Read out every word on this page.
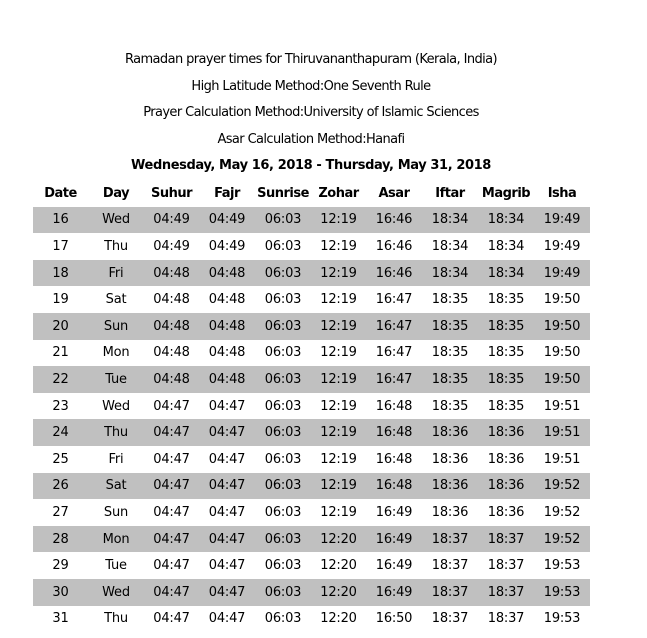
Ramadan prayer times for Thiruvananthapuram (Kerala, India)
High Latitude Method:One Seventh Rule
Prayer Calculation Method:University of Islamic Sciences
Asar Calculation Method:Hanafi
Wednesday, May 16, 2018 - Thursday, May 31, 2018
Date	Day	Suhur	Fajr	Sunrise	Zohar	Asar	Iftar	Magrib	Isha
16	Wed	04:49	04:49	06:03	12:19	16:46	18:34	18:34	19:49
17	Thu	04:49	04:49	06:03	12:19	16:46	18:34	18:34	19:49
18	Fri	04:48	04:48	06:03	12:19	16:46	18:34	18:34	19:49
19	Sat	04:48	04:48	06:03	12:19	16:47	18:35	18:35	19:50
20	Sun	04:48	04:48	06:03	12:19	16:47	18:35	18:35	19:50
21	Mon	04:48	04:48	06:03	12:19	16:47	18:35	18:35	19:50
22	Tue	04:48	04:48	06:03	12:19	16:47	18:35	18:35	19:50
23	Wed	04:47	04:47	06:03	12:19	16:48	18:35	18:35	19:51
24	Thu	04:47	04:47	06:03	12:19	16:48	18:36	18:36	19:51
25	Fri	04:47	04:47	06:03	12:19	16:48	18:36	18:36	19:51
26	Sat	04:47	04:47	06:03	12:19	16:48	18:36	18:36	19:52
27	Sun	04:47	04:47	06:03	12:19	16:49	18:36	18:36	19:52
28	Mon	04:47	04:47	06:03	12:20	16:49	18:37	18:37	19:52
29	Tue	04:47	04:47	06:03	12:20	16:49	18:37	18:37	19:53
30	Wed	04:47	04:47	06:03	12:20	16:49	18:37	18:37	19:53
31	Thu	04:47	04:47	06:03	12:20	16:50	18:37	18:37	19:53
